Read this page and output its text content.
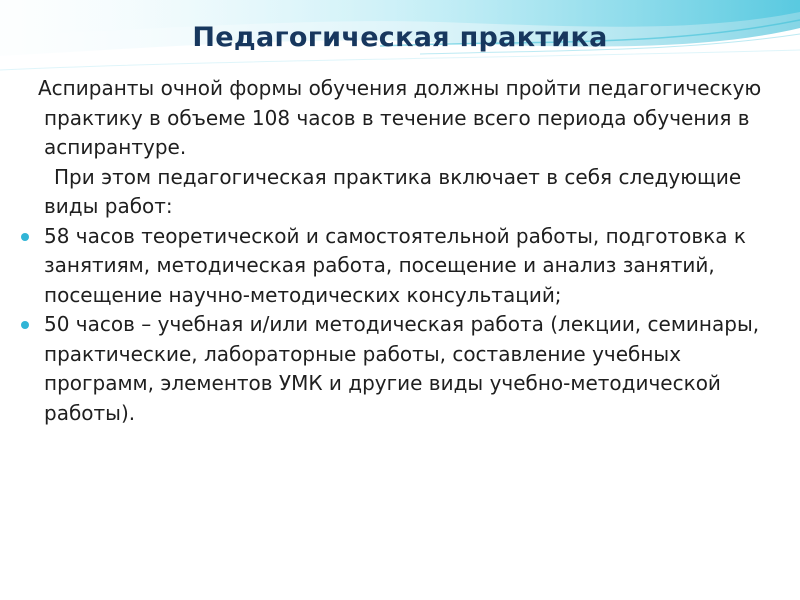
Педагогическая практика

Аспиранты очной формы обучения должны пройти педагогическую практику в объеме 108 часов в течение всего периода обучения в аспирантуре.

При этом педагогическая практика включает в себя следующие виды работ:

58 часов теоретической и самостоятельной работы, подготовка к занятиям, методическая работа, посещение и анализ занятий, посещение научно-методических консультаций;
50 часов – учебная и/или методическая работа (лекции, семинары, практические, лабораторные работы, составление учебных программ, элементов УМК и другие виды учебно-методической работы).
